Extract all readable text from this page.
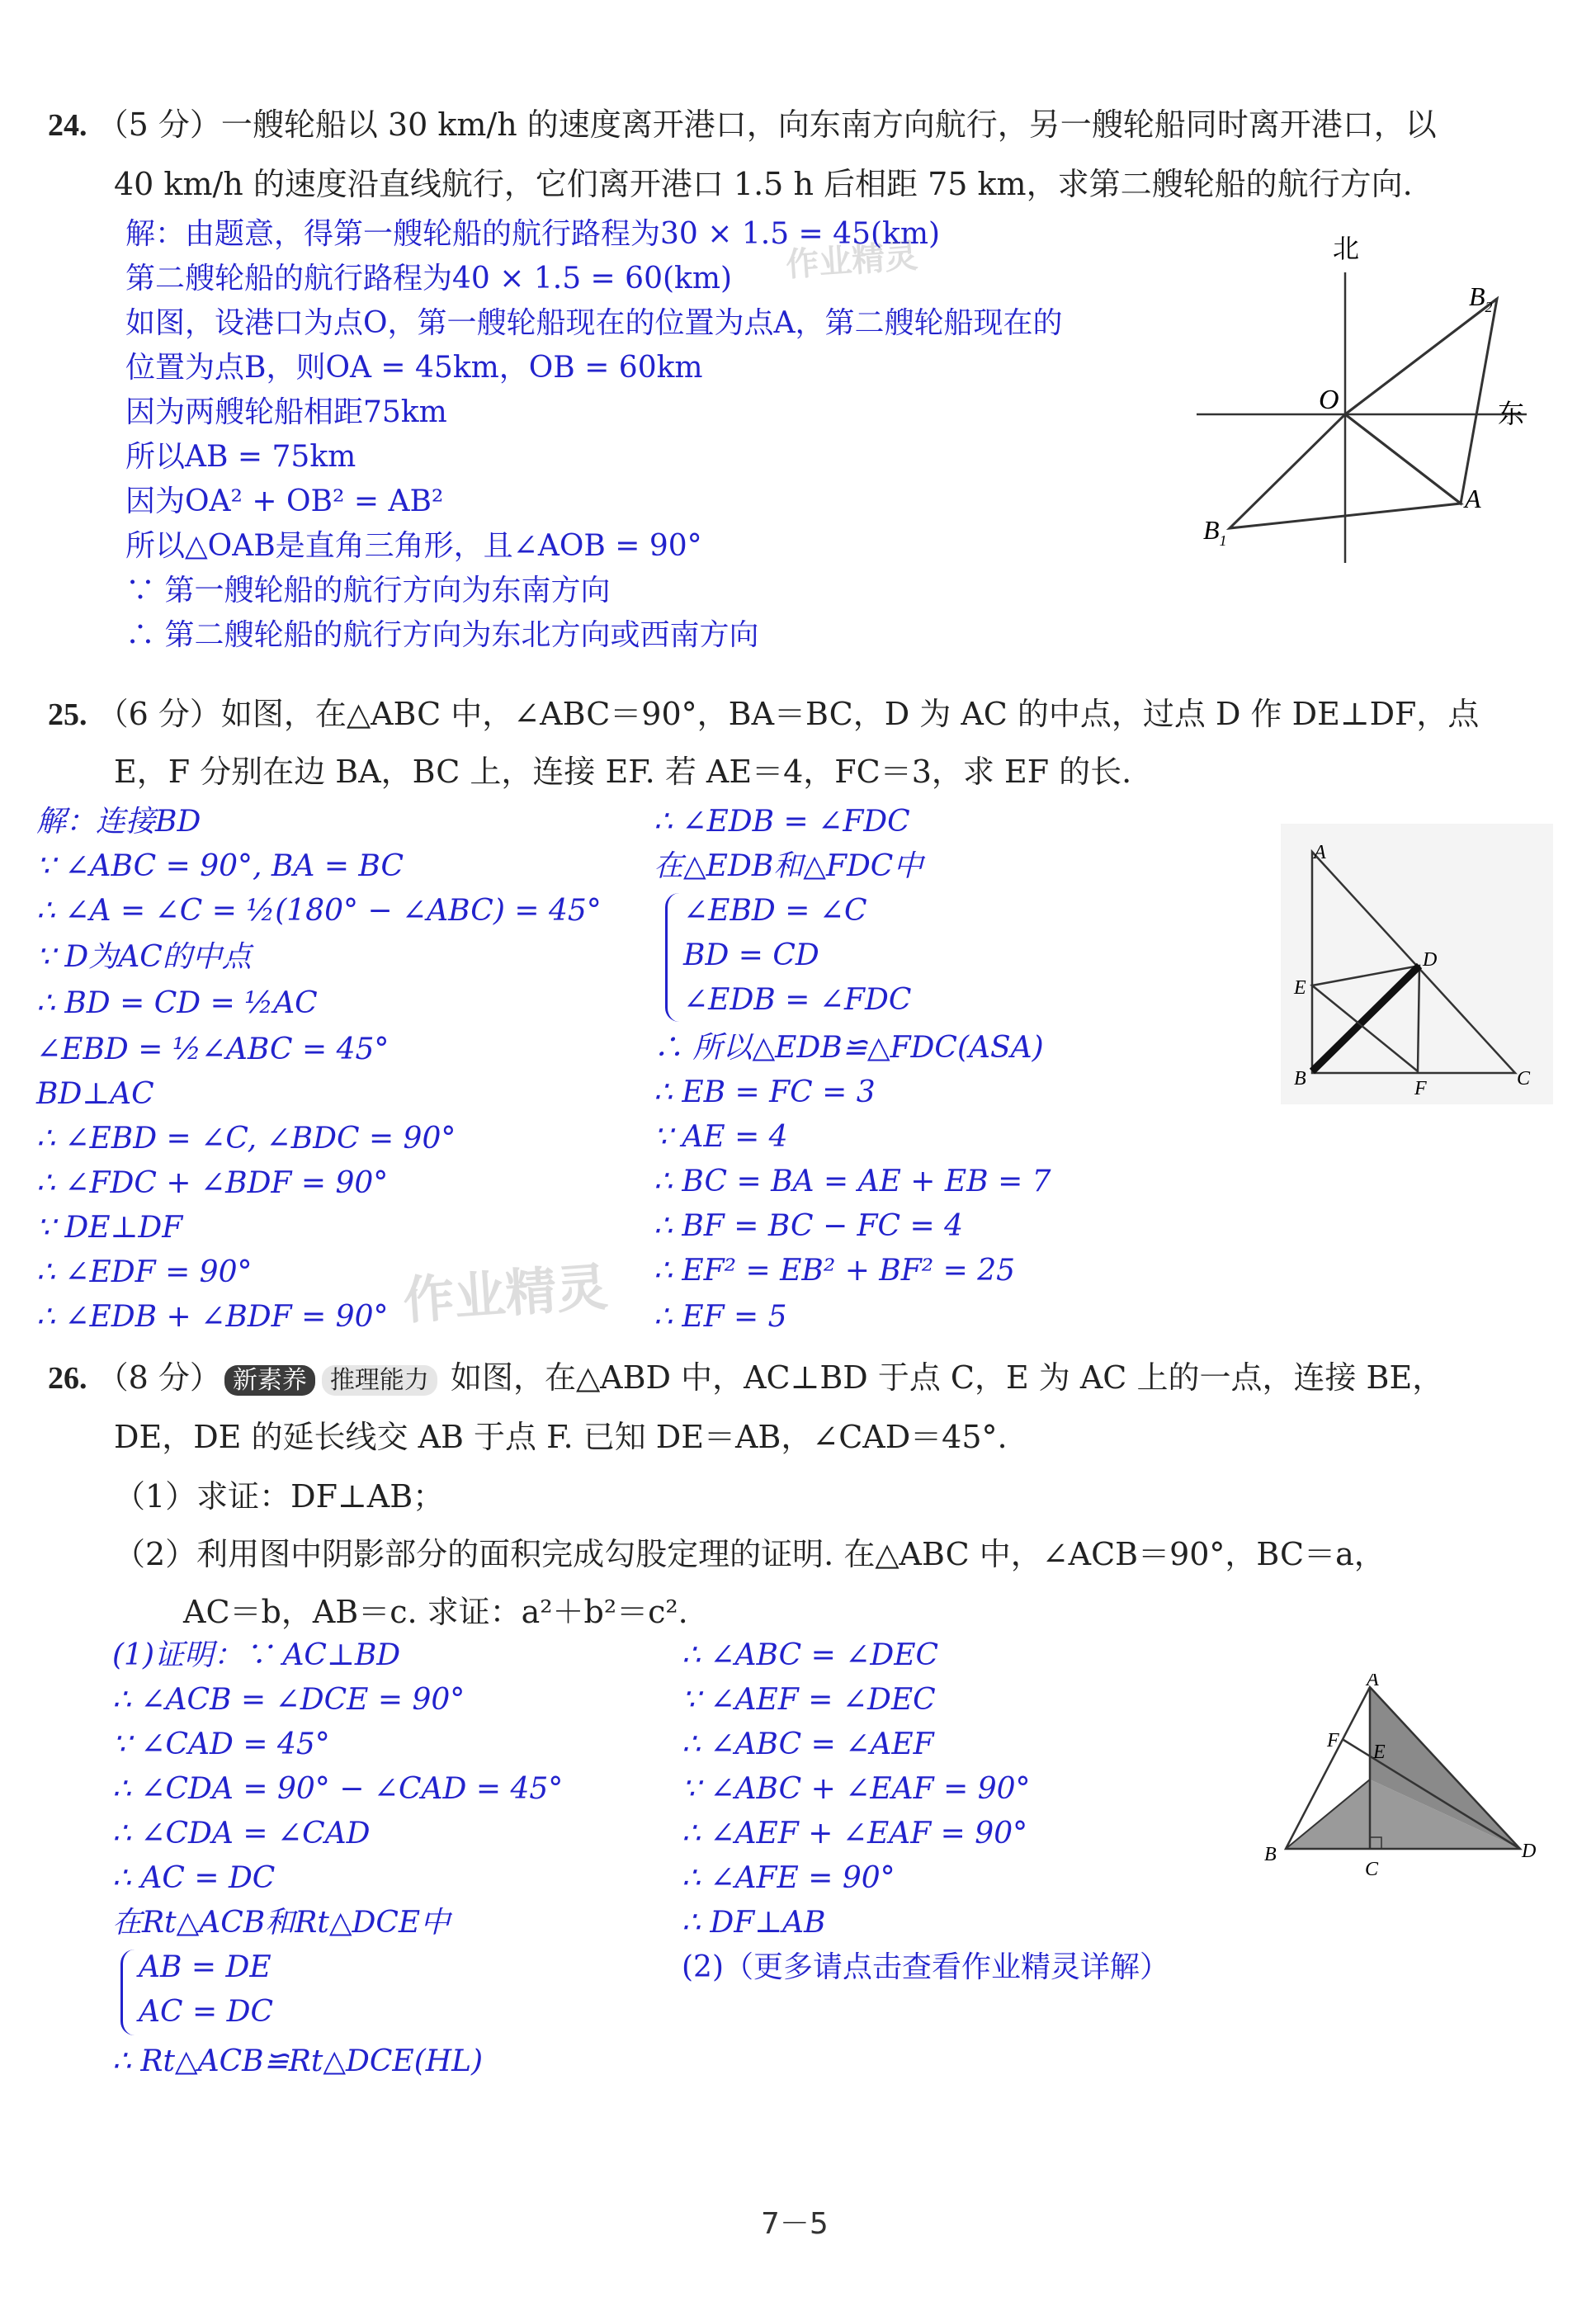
24. （5 分）一艘轮船以 30 km/h 的速度离开港口，向东南方向航行，另一艘轮船同时离开港口，以
40 km/h 的速度沿直线航行，它们离开港口 1.5 h 后相距 75 km，求第二艘轮船的航行方向.
解：由题意，得第一艘轮船的航行路程为30 × 1.5 = 45(km)
第二艘轮船的航行路程为40 × 1.5 = 60(km)
如图，设港口为点O，第一艘轮船现在的位置为点A，第二艘轮船现在的
位置为点B，则OA = 45km，OB = 60km
因为两艘轮船相距75km
所以AB = 75km
因为OA² + OB² = AB²
所以△OAB是直角三角形，且∠AOB = 90°
∵ 第一艘轮船的航行方向为东南方向
∴ 第二艘轮船的航行方向为东北方向或西南方向
北
东
O
A
$B_1$
$B_2$
25. （6 分）如图，在△ABC 中，∠ABC＝90°，BA＝BC，D 为 AC 的中点，过点 D 作 DE⊥DF，点
E，F 分别在边 BA，BC 上，连接 EF. 若 AE＝4，FC＝3，求 EF 的长.
解：连接BD
∵ ∠ABC = 90°, BA = BC
∴ ∠A = ∠C = ½(180° − ∠ABC) = 45°
∵ D为AC的中点
∴ BD = CD = ½AC
∠EBD = ½∠ABC = 45°
BD⊥AC
∴ ∠EBD = ∠C, ∠BDC = 90°
∴ ∠FDC + ∠BDF = 90°
∵ DE⊥DF
∴ ∠EDF = 90°
∴ ∠EDB + ∠BDF = 90°
∴ ∠EDB = ∠FDC
在△EDB和△FDC中
∠EBD = ∠C
BD = CD
∠EDB = ∠FDC
∴ 所以△EDB≌△FDC(ASA)
∴ EB = FC = 3
∵ AE = 4
∴ BC = BA = AE + EB = 7
∴ BF = BC − FC = 4
∴ EF² = EB² + BF² = 25
∴ EF = 5
作业精灵
作业精灵
A
B	C
D
E
F
26. （8 分） 新素养 推理能力 如图，在△ABD 中，AC⊥BD 于点 C，E 为 AC 上的一点，连接 BE，
DE，DE 的延长线交 AB 于点 F. 已知 DE＝AB，∠CAD＝45°.
（1）求证：DF⊥AB；
（2）利用图中阴影部分的面积完成勾股定理的证明. 在△ABC 中，∠ACB＝90°，BC＝a，
AC＝b，AB＝c. 求证：a²＋b²＝c².
(1)证明：∵ AC⊥BD
∴ ∠ACB = ∠DCE = 90°
∵ ∠CAD = 45°
∴ ∠CDA = 90° − ∠CAD = 45°
∴ ∠CDA = ∠CAD
∴ AC = DC
在Rt△ACB和Rt△DCE中
AB = DE
AC = DC
∴ Rt△ACB≌Rt△DCE(HL)
∴ ∠ABC = ∠DEC
∵ ∠AEF = ∠DEC
∴ ∠ABC = ∠AEF
∵ ∠ABC + ∠EAF = 90°
∴ ∠AEF + ∠EAF = 90°
∴ ∠AFE = 90°
∴ DF⊥AB
(2)（更多请点击查看作业精灵详解）
A
B
C
D
E
F
7－5
